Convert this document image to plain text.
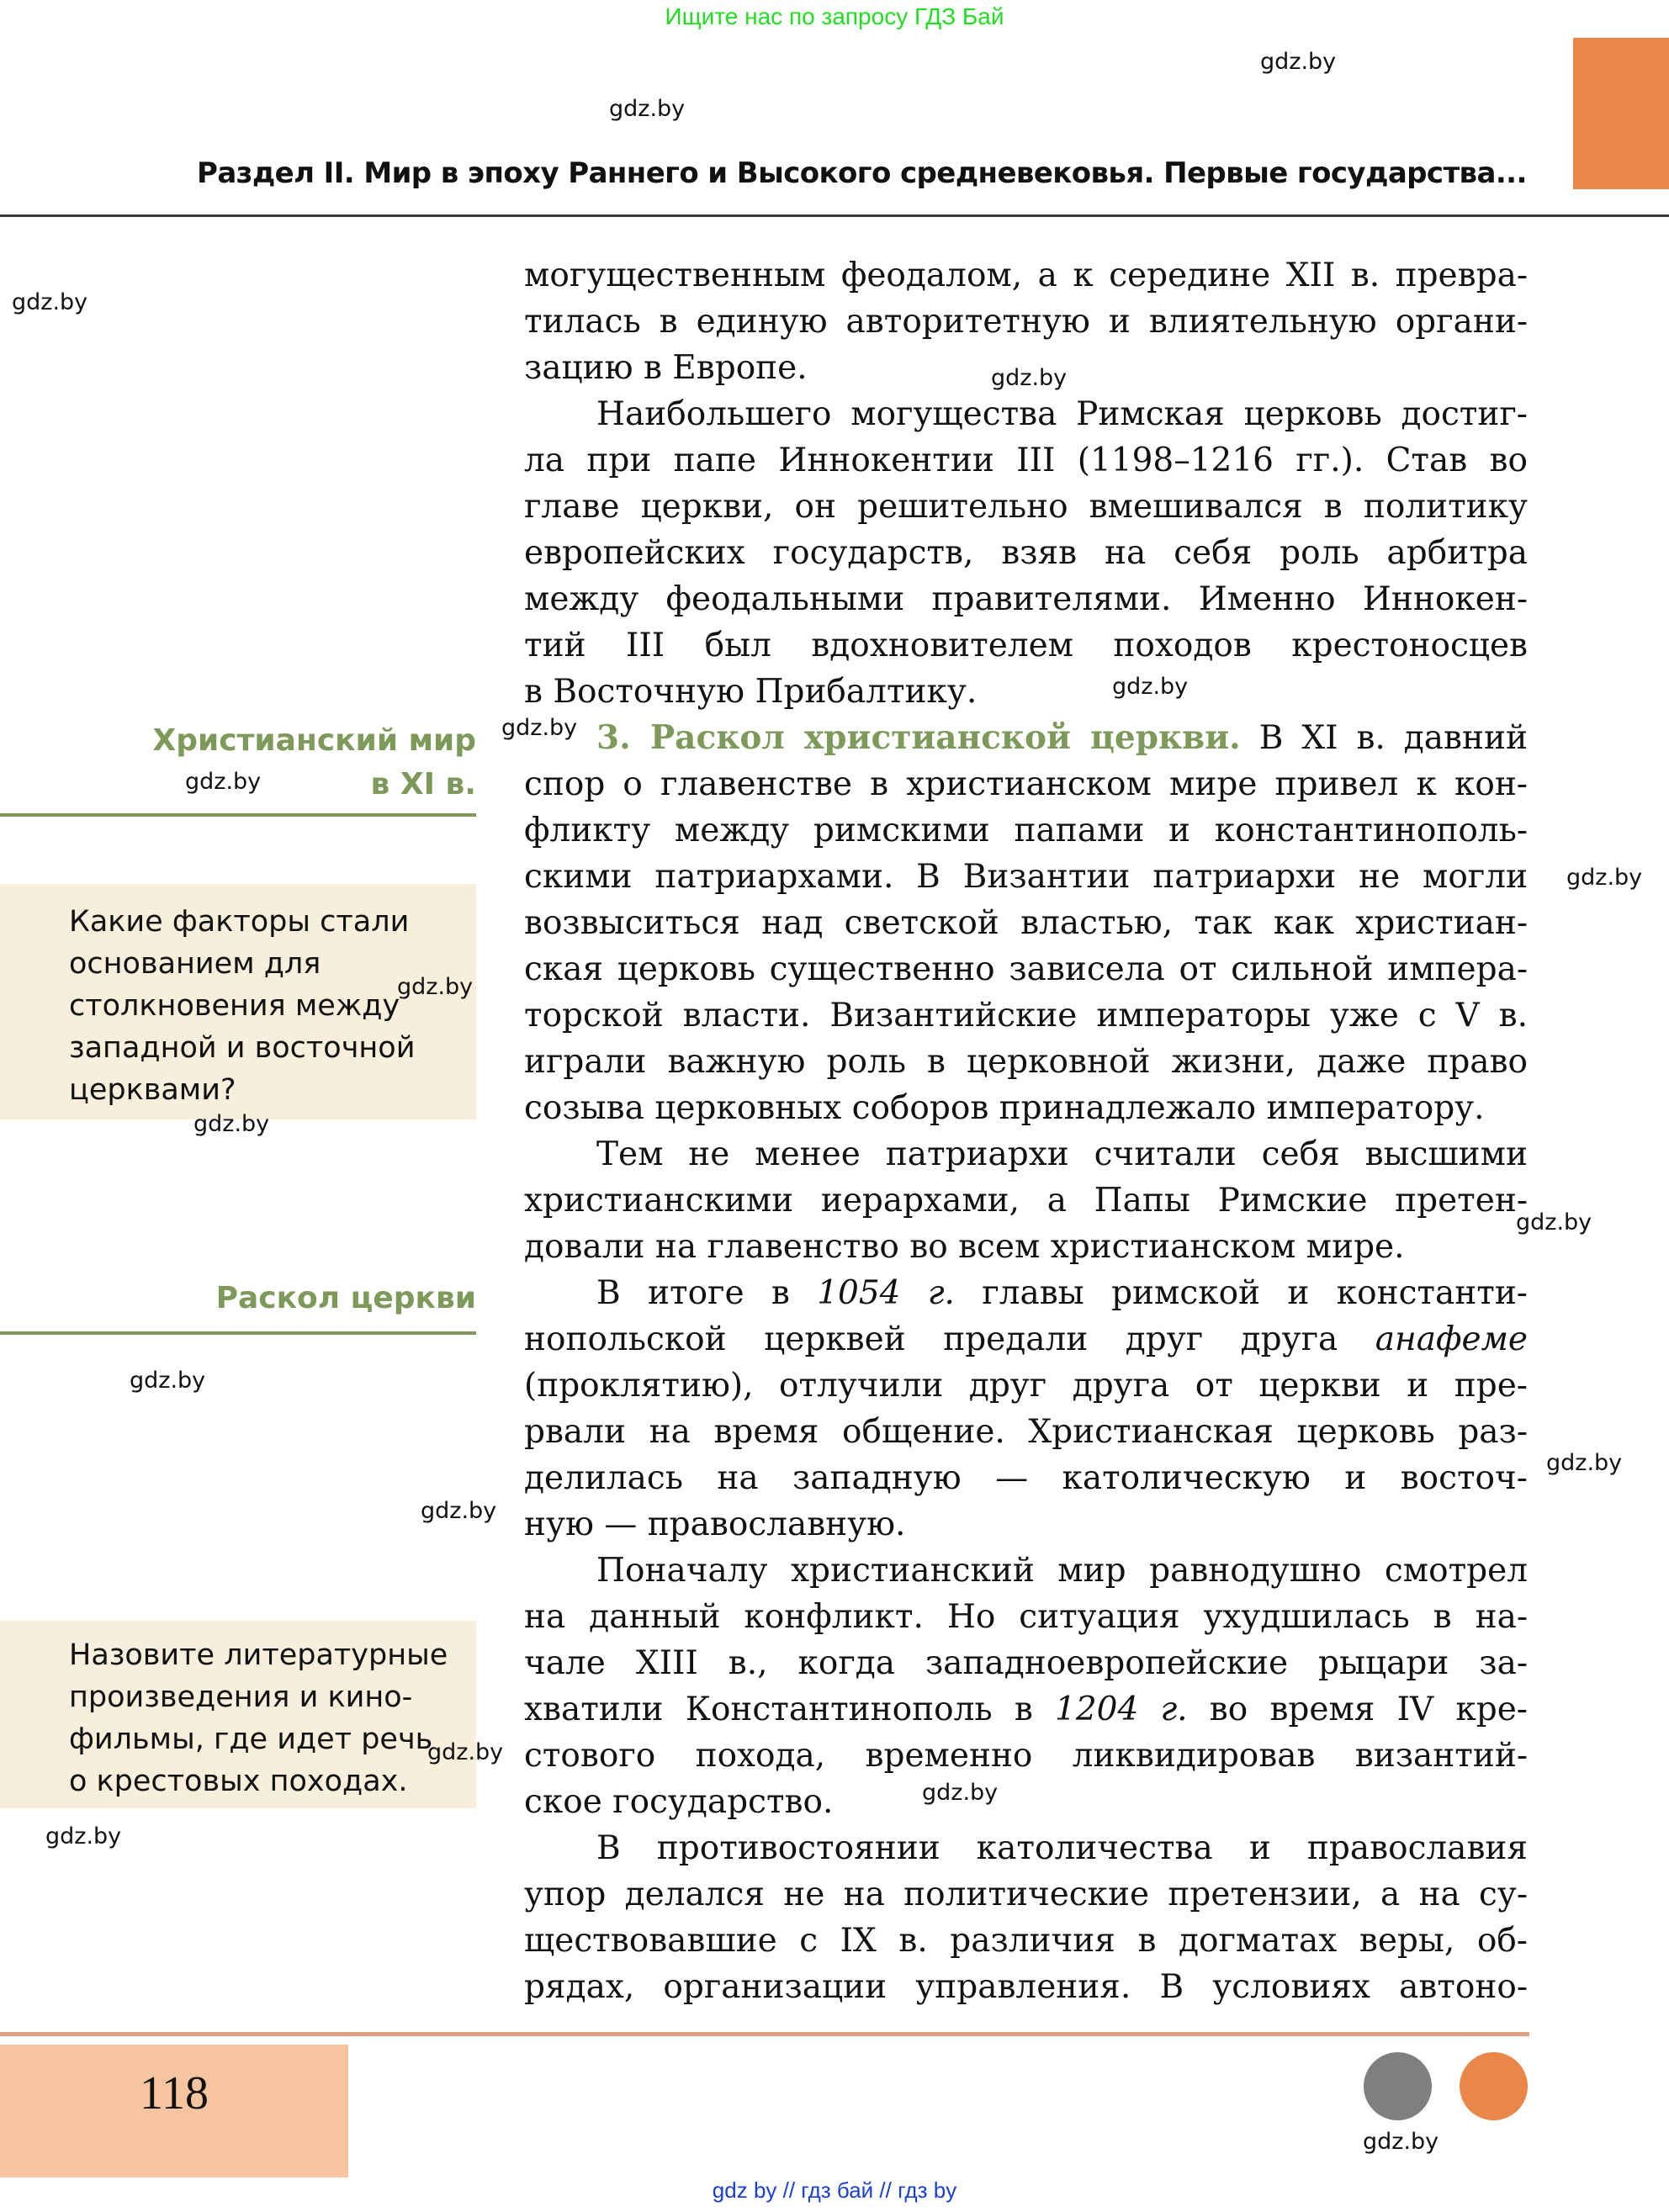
Ищите нас по запросу ГДЗ Бай
gdz.by
gdz.by
Раздел II. Мир в эпоху Раннего и Высокого средневековья. Первые государства...
gdz.by
Христианский мир
в XI в.
gdz.by
Какие факторы стали
основанием для
столкновения между
западной и восточной
церквами?
gdz.by
gdz.by
Раскол церкви
gdz.by
gdz.by
Назовите литературные
произведения и кино-
фильмы, где идет речь
о крестовых походах.
gdz.by
gdz.by

могущественным феодалом, а к середине XII в. превра-
тилась в единую авторитетную и влиятельную органи-
зацию в Европе.

Наибольшего могущества Римская церковь достиг-
ла при папе Иннокентии III (1198–1216 гг.). Став во
главе церкви, он решительно вмешивался в политику
европейских государств, взяв на себя роль арбитра
между феодальными правителями. Именно Иннокен-
тий III был вдохновителем походов крестоносцев
в Восточную Прибалтику.

3. Раскол христианской церкви. В XI в. давний
спор о главенстве в христианском мире привел к кон-
фликту между римскими папами и константинополь-
скими патриархами. В Византии патриархи не могли
возвыситься над светской властью, так как христиан-
ская церковь существенно зависела от сильной импера-
торской власти. Византийские императоры уже с V в.
играли важную роль в церковной жизни, даже право
созыва церковных соборов принадлежало императору.

Тем не менее патриархи считали себя высшими
христианскими иерархами, а Папы Римские претен-
довали на главенство во всем христианском мире.

В итоге в 1054 г. главы римской и константи-
нопольской церквей предали друг друга анафеме
(проклятию), отлучили друг друга от церкви и пре-
рвали на время общение. Христианская церковь раз-
делилась на западную — католическую и восточ-
ную — православную.

Поначалу христианский мир равнодушно смотрел
на данный конфликт. Но ситуация ухудшилась в на-
чале XIII в., когда западноевропейские рыцари за-
хватили Константинополь в 1204 г. во время IV кре-
стового похода, временно ликвидировав византий-
ское государство.

В противостоянии католичества и православия
упор делался не на политические претензии, а на су-
ществовавшие с IX в. различия в догматах веры, об-
рядах, организации управления. В условиях автоно-

gdz.by
gdz.by
gdz.by
gdz.by
gdz.by
gdz.by
gdz.by
118
gdz.by
gdz by // гдз бай // гдз by
